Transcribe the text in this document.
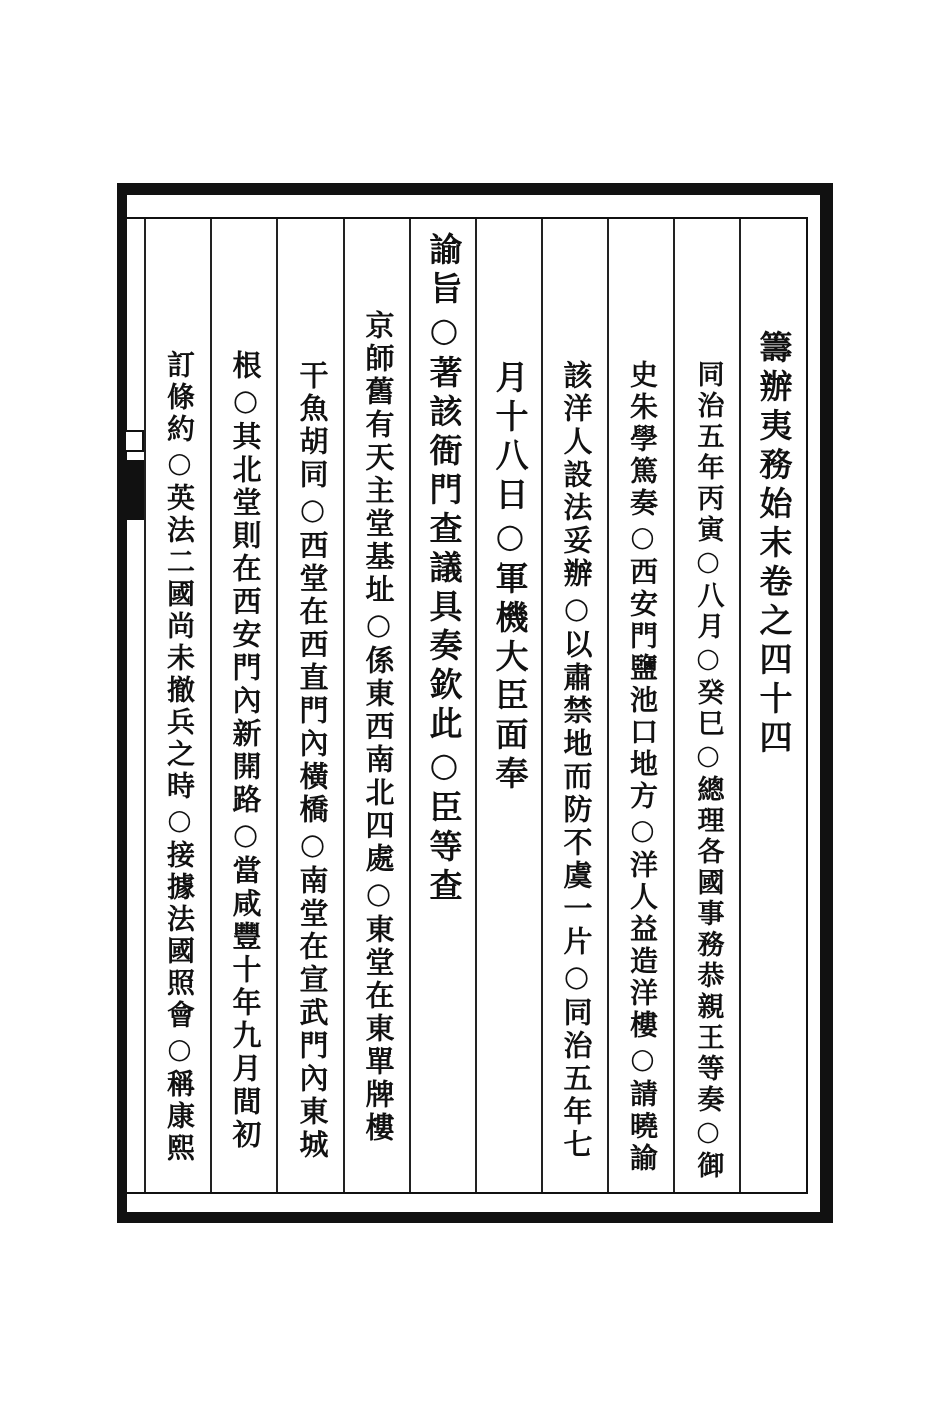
籌辦夷務始末卷之四十四
同治五年丙寅○八月○癸巳○總理各國事務恭親王等奏○御
史朱學篤奏○西安門鹽池口地方○洋人益造洋樓○請曉諭
該洋人設法妥辦○以肅禁地而防不虞一片○同治五年七
月十八日○軍機大臣面奉
諭旨○著該衙門查議具奏欽此○臣等查
京師舊有天主堂基址○係東西南北四處○東堂在東單牌樓
干魚胡同○西堂在西直門內橫橋○南堂在宣武門內東城
根○其北堂則在西安門內新開路○當咸豐十年九月間初
訂條約○英法二國尚未撤兵之時○接據法國照會○稱康熙
